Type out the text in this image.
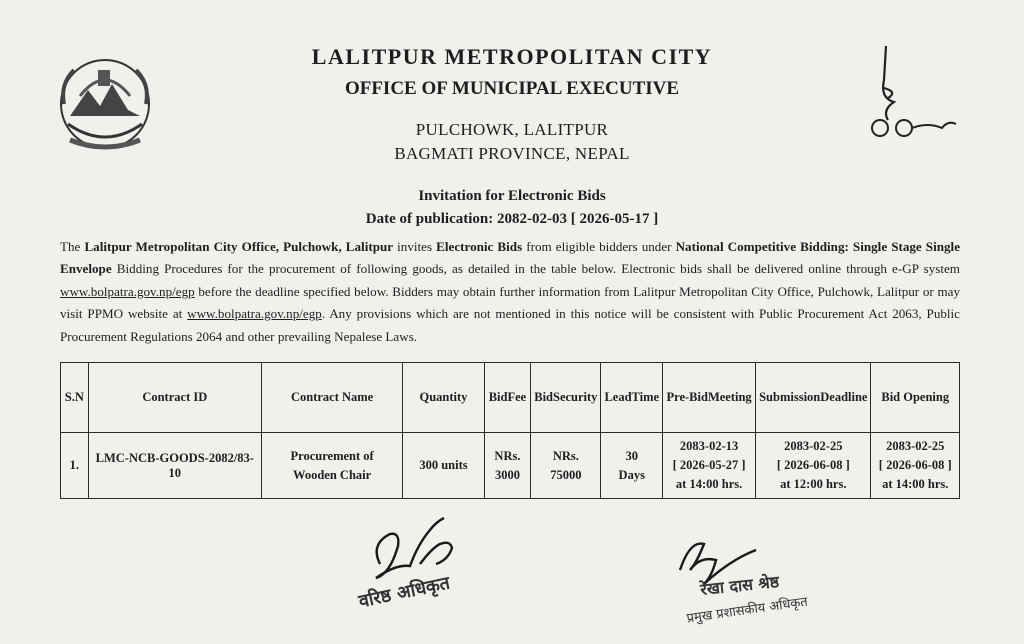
LALITPUR METROPOLITAN CITY

OFFICE OF MUNICIPAL EXECUTIVE

PULCHOWK, LALITPUR

BAGMATI PROVINCE, NEPAL

Invitation for Electronic Bids
Date of publication: 2082-02-03 [ 2026-05-17 ]
The Lalitpur Metropolitan City Office, Pulchowk, Lalitpur invites Electronic Bids from eligible bidders under National Competitive Bidding: Single Stage Single Envelope Bidding Procedures for the procurement of following goods, as detailed in the table below. Electronic bids shall be delivered online through e-GP system www.bolpatra.gov.np/egp before the deadline specified below. Bidders may obtain further information from Lalitpur Metropolitan City Office, Pulchowk, Lalitpur or may visit PPMO website at www.bolpatra.gov.np/egp. Any provisions which are not mentioned in this notice will be consistent with Public Procurement Act 2063, Public Procurement Regulations 2064 and other prevailing Nepalese Laws.
S.N	Contract ID	Contract Name	Quantity	BidFee	BidSecurity	LeadTime	Pre-BidMeeting	SubmissionDeadline	Bid Opening
1.	LMC-NCB-GOODS-2082/83-10	Procurement of
Wooden Chair	300 units	NRs.
3000	NRs.
75000	30
Days	2083-02-13
[ 2026-05-27 ]
at 14:00 hrs.	2083-02-25
[ 2026-06-08 ]
at 12:00 hrs.	2083-02-25
[ 2026-06-08 ]
at 14:00 hrs.
वरिष्ठ अधिकृत	रेखा दास श्रेष्ठ
प्रमुख प्रशासकीय अधिकृत
